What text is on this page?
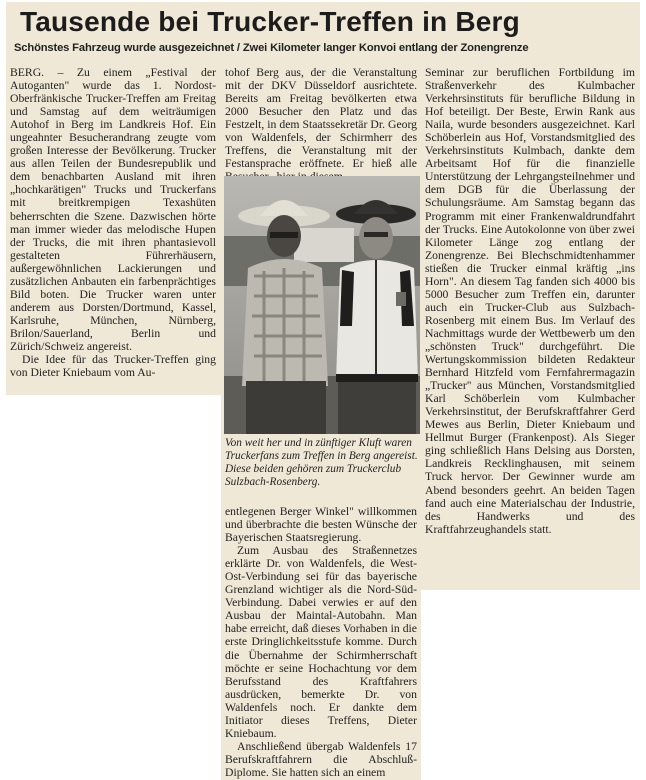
Tausende bei Trucker-Treffen in Berg
Schönstes Fahrzeug wurde ausgezeichnet / Zwei Kilometer langer Konvoi entlang der Zonengrenze

BERG. – Zu einem „Festival der Autoganten" wurde das 1. Nordost-Oberfränkische Trucker-Treffen am Freitag und Samstag auf dem weiträumigen Autohof in Berg im Landkreis Hof. Ein ungeahnter Besucherandrang zeugte vom großen Interesse der Bevölkerung. Trucker aus allen Teilen der Bundesrepublik und dem benachbarten Ausland mit ihren „hochkarätigen" Trucks und Truckerfans mit breitkrempigen Texashüten beherrschten die Szene. Dazwischen hörte man immer wieder das melodische Hupen der Trucks, die mit ihren phantasievoll gestalteten Führerhäusern, außergewöhnlichen Lackierungen und zusätzlichen Anbauten ein farbenprächtiges Bild boten. Die Trucker waren unter anderem aus Dorsten/Dortmund, Kassel, Karlsruhe, München, Nürnberg, Brilon/Sauerland, Berlin und Zürich/Schweiz angereist.

Die Idee für das Trucker-Treffen ging von Dieter Kniebaum vom Au-

tohof Berg aus, der die Veranstaltung mit der DKV Düsseldorf ausrichtete. Bereits am Freitag bevölkerten etwa 2000 Besucher den Platz und das Festzelt, in dem Staatssekretär Dr. Georg von Waldenfels, der Schirmherr des Treffens, die Veranstaltung mit der Festansprache eröffnete. Er hieß alle

Von weit her und in zünftiger Kluft waren Truckerfans zum Treffen in Berg angereist. Diese beiden gehören zum Truckerclub Sulzbach-Rosenberg.

entlegenen Berger Winkel" willkommen und überbrachte die besten Wünsche der Bayerischen Staatsregierung.

Zum Ausbau des Straßennetzes erklärte Dr. von Waldenfels, die West-Ost-Verbindung sei für das bayerische Grenzland wichtiger als die Nord-Süd-Verbindung. Dabei verwies er auf den Ausbau der Maintal-Autobahn. Man habe erreicht, daß dieses Vorhaben in die erste Dringlichkeitsstufe komme. Durch die Übernahme der Schirmherrschaft möchte er seine Hochachtung vor dem Berufsstand des Kraftfahrers ausdrücken, bemerkte Dr. von Waldenfels noch. Er dankte dem Initiator dieses Treffens, Dieter Kniebaum.

Anschließend übergab Waldenfels 17 Berufskraftfahrern die Abschluß-Diplome. Sie hatten sich an einem

Seminar zur beruflichen Fortbildung im Straßenverkehr des Kulmbacher Verkehrsinstituts für berufliche Bildung in Hof beteiligt. Der Beste, Erwin Rank aus Naila, wurde besonders ausgezeichnet. Karl Schöberlein aus Hof, Vorstandsmitglied des Verkehrsinstituts Kulmbach, dankte dem Arbeitsamt Hof für die finanzielle Unterstützung der Lehrgangsteilnehmer und dem DGB für die Überlassung der Schulungsräume. Am Samstag begann das Programm mit einer Frankenwaldrundfahrt der Trucks. Eine Autokolonne von über zwei Kilometer Länge zog entlang der Zonengrenze. Bei Blechschmidtenhammer stießen die Trucker einmal kräftig „ins Horn". An diesem Tag fanden sich 4000 bis 5000 Besucher zum Treffen ein, darunter auch ein Trucker-Club aus Sulzbach-Rosenberg mit einem Bus. Im Verlauf des Nachmittags wurde der Wettbewerb um den „schönsten Truck" durchgeführt. Die Wertungskommission bildeten Redakteur Bernhard Hitzfeld vom Fernfahrermagazin „Trucker" aus München, Vorstandsmitglied Karl Schöberlein vom Kulmbacher Verkehrsinstitut, der Berufskraftfahrer Gerd Mewes aus Berlin, Dieter Kniebaum und Hellmut Burger (Frankenpost). Als Sieger ging schließlich Hans Delsing aus Dorsten, Landkreis Recklinghausen, mit seinem Truck hervor. Der Gewinner wurde am Abend besonders geehrt. An beiden Tagen fand auch eine Materialschau der Industrie, des Handwerks und des Kraftfahrzeughandels statt.
